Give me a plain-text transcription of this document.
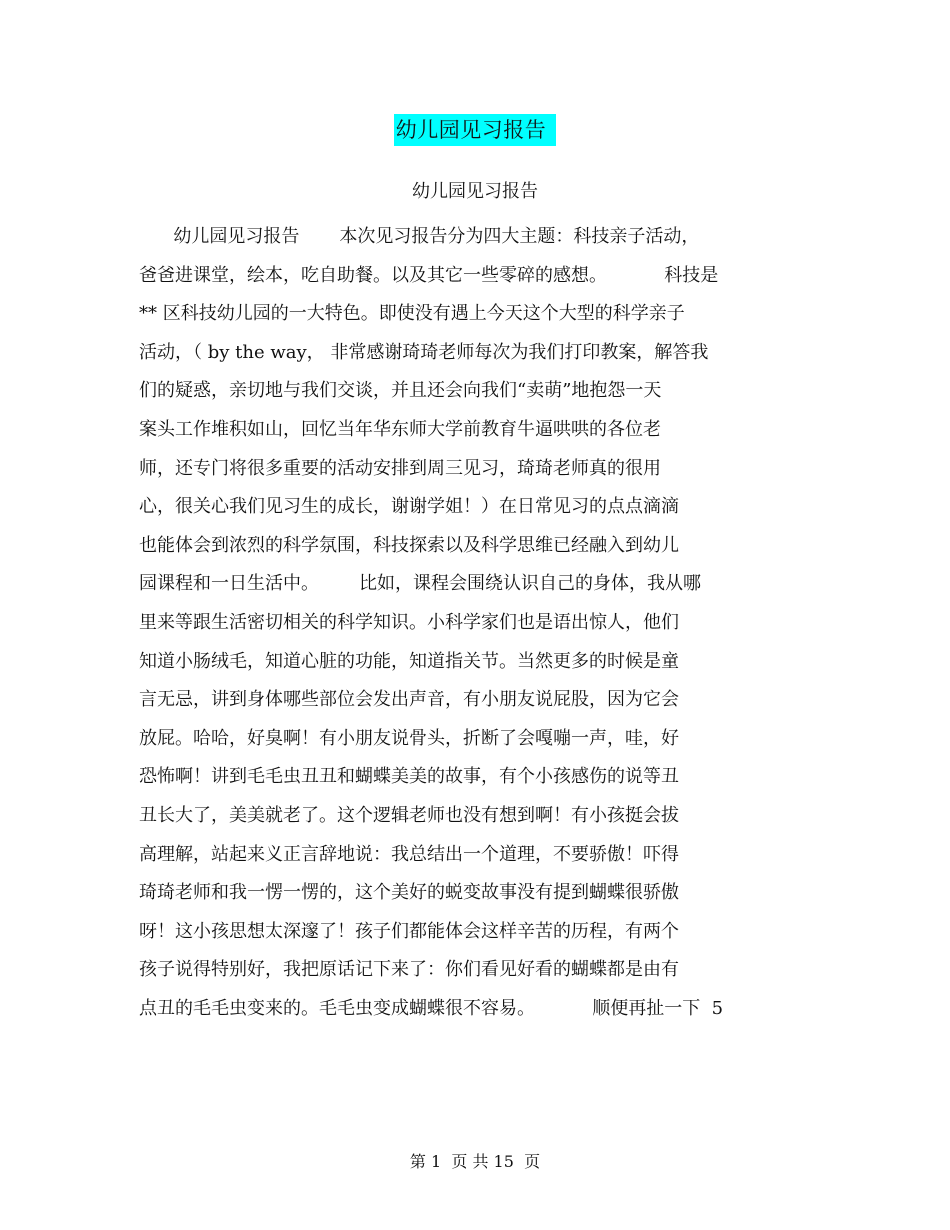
幼儿园见习报告
幼儿园见习报告
幼儿园见习报告       本次见习报告分为四大主题：科技亲子活动，
爸爸进课堂，绘本，吃自助餐。以及其它一些零碎的感想。          科技是
** 区科技幼儿园的一大特色。即使没有遇上今天这个大型的科学亲子
活动，（ by the way， 非常感谢琦琦老师每次为我们打印教案，解答我
们的疑惑，亲切地与我们交谈，并且还会向我们“卖萌”地抱怨一天
案头工作堆积如山，回忆当年华东师大学前教育牛逼哄哄的各位老
师，还专门将很多重要的活动安排到周三见习，琦琦老师真的很用
心，很关心我们见习生的成长，谢谢学姐！）在日常见习的点点滴滴
也能体会到浓烈的科学氛围，科技探索以及科学思维已经融入到幼儿
园课程和一日生活中。       比如，课程会围绕认识自己的身体，我从哪
里来等跟生活密切相关的科学知识。小科学家们也是语出惊人，他们
知道小肠绒毛，知道心脏的功能，知道指关节。当然更多的时候是童
言无忌，讲到身体哪些部位会发出声音，有小朋友说屁股，因为它会
放屁。哈哈，好臭啊！有小朋友说骨头，折断了会嘎嘣一声，哇，好
恐怖啊！讲到毛毛虫丑丑和蝴蝶美美的故事，有个小孩感伤的说等丑
丑长大了，美美就老了。这个逻辑老师也没有想到啊！有小孩挺会拔
高理解，站起来义正言辞地说：我总结出一个道理，不要骄傲！吓得
琦琦老师和我一愣一愣的，这个美好的蜕变故事没有提到蝴蝶很骄傲
呀！这小孩思想太深邃了！孩子们都能体会这样辛苦的历程，有两个
孩子说得特别好，我把原话记下来了：你们看见好看的蝴蝶都是由有
点丑的毛毛虫变来的。毛毛虫变成蝴蝶很不容易。          顺便再扯一下  5
第 1  页 共 15  页
